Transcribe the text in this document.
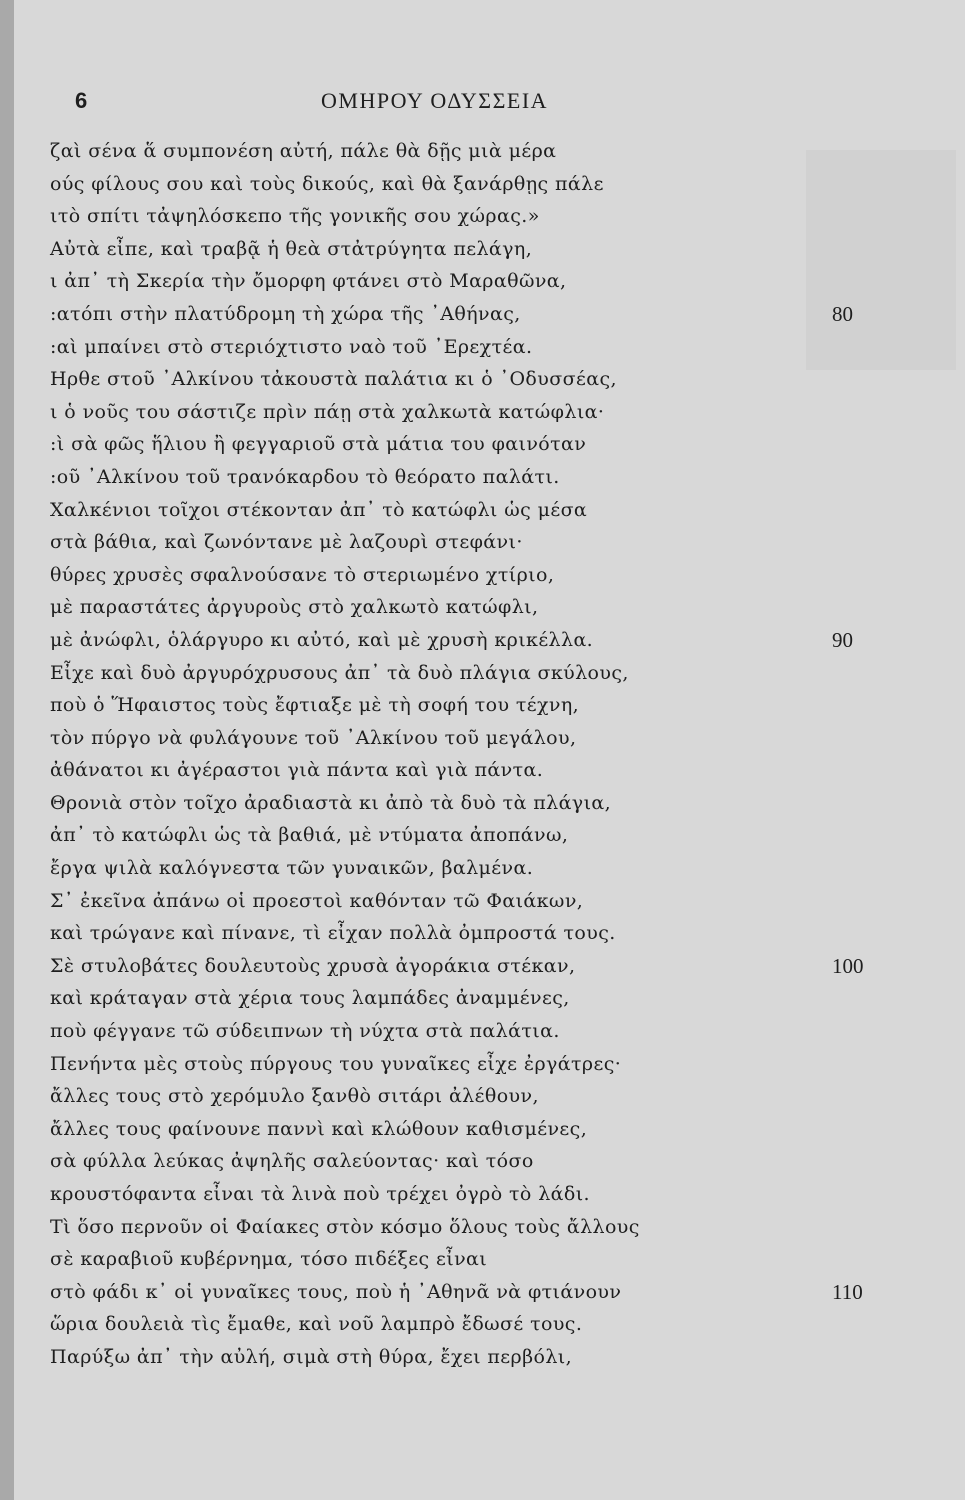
6	ΟΜΗΡΟΥ ΟΔΥΣΣΕΙΑ
ζαὶ σένα ἅ συμπονέση αὐτή, πάλε θὰ δῇς μιὰ μέρα
ούς φίλους σου καὶ τοὺς δικούς, καὶ θὰ ξανάρθῃς πάλε
ιτὸ σπίτι τἀψηλόσκεπο τῆς γονικῆς σου χώρας.»
Αὐτὰ εἶπε, καὶ τραβᾷ ἡ θεὰ στἀτρύγητα πελάγη,
ι ἀπ᾿ τὴ Σκερία τὴν ὄμορφη φτάνει στὸ Μαραθῶνα,
:ατόπι στὴν πλατύδρομη τὴ χώρα τῆς ᾿Αθήνας,	80
:αὶ μπαίνει στὸ στεριόχτιστο ναὸ τοῦ ᾿Ερεχτέα.
Ηρθε στοῦ ᾿Αλκίνου τἀκουστὰ παλάτια κι ὁ ᾿Οδυσσέας,
ι ὁ νοῦς του σάστιζε πρὶν πάῃ στὰ χαλκωτὰ κατώφλια·
:ὶ σὰ φῶς ἥλιου ἢ φεγγαριοῦ στὰ μάτια του φαινόταν
:οῦ ᾿Αλκίνου τοῦ τρανόκαρδου τὸ θεόρατο παλάτι.
Χαλκένιοι τοῖχοι στέκονταν ἀπ᾿ τὸ κατώφλι ὡς μέσα
στὰ βάθια, καὶ ζωνόντανε μὲ λαζουρὶ στεφάνι·
θύρες χρυσὲς σφαλνούσανε τὸ στεριωμένο χτίριο,
μὲ παραστάτες ἀργυροὺς στὸ χαλκωτὸ κατώφλι,
μὲ ἀνώφλι, ὁλάργυρο κι αὐτό, καὶ μὲ χρυσὴ κρικέλλα.	90
Εἶχε καὶ δυὸ ἀργυρόχρυσους ἀπ᾿ τὰ δυὸ πλάγια σκύλους,
ποὺ ὁ Ἥφαιστος τοὺς ἔφτιαξε μὲ τὴ σοφή του τέχνη,
τὸν πύργο νὰ φυλάγουνε τοῦ ᾿Αλκίνου τοῦ μεγάλου,
ἀθάνατοι κι ἀγέραστοι γιὰ πάντα καὶ γιὰ πάντα.
Θρονιὰ στὸν τοῖχο ἀραδιαστὰ κι ἀπὸ τὰ δυὸ τὰ πλάγια,
ἀπ᾿ τὸ κατώφλι ὡς τὰ βαθιά, μὲ ντύματα ἀποπάνω,
ἔργα ψιλὰ καλόγνεστα τῶν γυναικῶν, βαλμένα.
Σ᾿ ἐκεῖνα ἀπάνω οἱ προεστοὶ καθόνταν τῶ Φαιάκων,
καὶ τρώγανε καὶ πίνανε, τὶ εἶχαν πολλὰ ὀμπροστά τους.
Σὲ στυλοβάτες δουλευτοὺς χρυσὰ ἀγοράκια στέκαν,	100
καὶ κράταγαν στὰ χέρια τους λαμπάδες ἀναμμένες,
ποὺ φέγγανε τῶ σύδειπνων τὴ νύχτα στὰ παλάτια.
Πενήντα μὲς στοὺς πύργους του γυναῖκες εἶχε ἐργάτρες·
ἄλλες τους στὸ χερόμυλο ξανθὸ σιτάρι ἀλέθουν,
ἄλλες τους φαίνουνε παννὶ καὶ κλώθουν καθισμένες,
σὰ φύλλα λεύκας ἀψηλῆς σαλεύοντας· καὶ τόσο
κρουστόφαντα εἶναι τὰ λινὰ ποὺ τρέχει ὀγρὸ τὸ λάδι.
Τὶ ὅσο περνοῦν οἱ Φαίακες στὸν κόσμο ὅλους τοὺς ἄλλους
σὲ καραβιοῦ κυβέρνημα, τόσο πιδέξες εἶναι
στὸ φάδι κ᾿ οἱ γυναῖκες τους, ποὺ ἡ ᾿Αθηνᾶ νὰ φτιάνουν	110
ὥρια δουλειὰ τὶς ἔμαθε, καὶ νοῦ λαμπρὸ ἔδωσέ τους.
Παρύξω ἀπ᾿ τὴν αὐλή, σιμὰ στὴ θύρα, ἔχει περβόλι,
